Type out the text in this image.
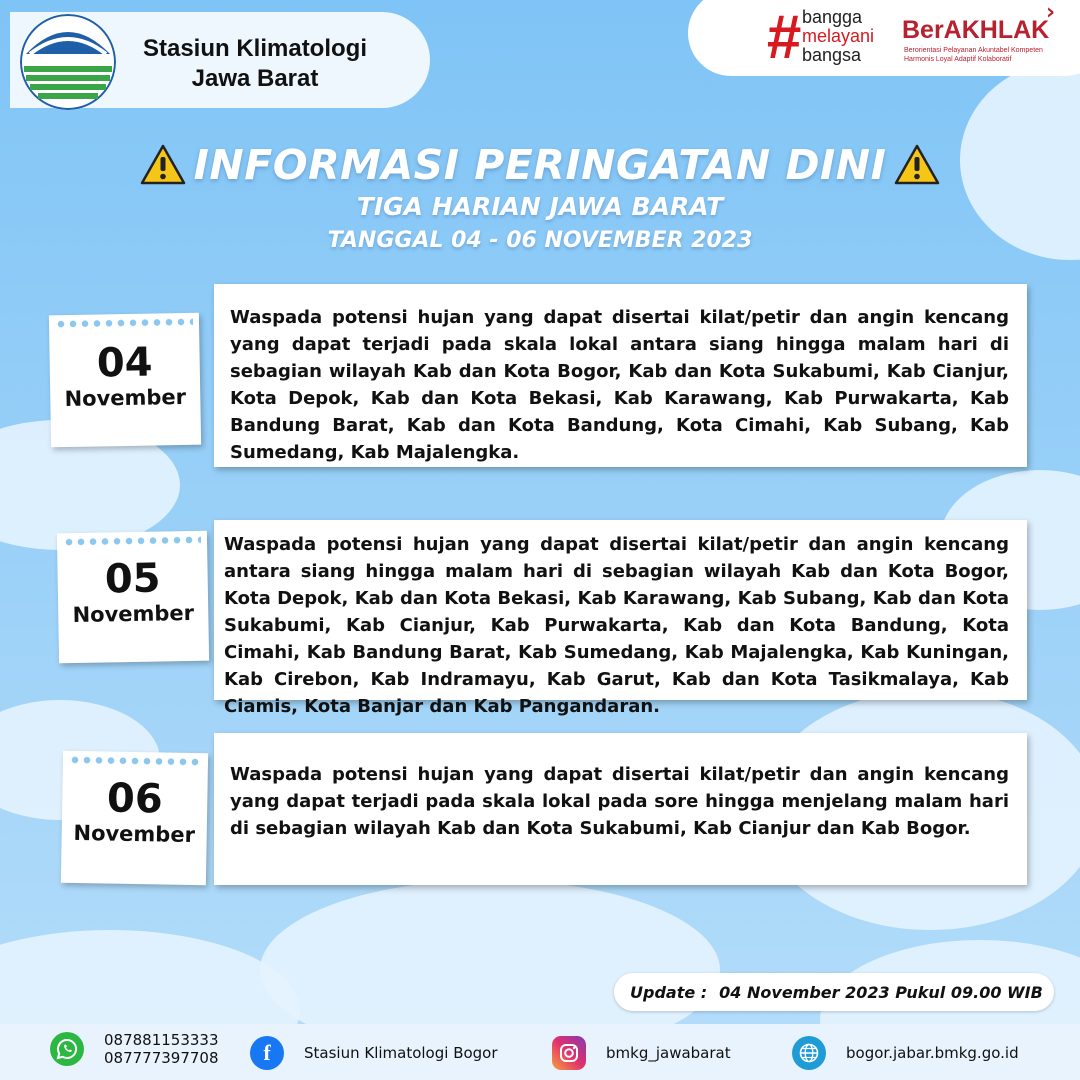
Stasiun Klimatologi
Jawa Barat
# bangga
melayani
bangsa
BerAKHLAK
Berorientasi Pelayanan Akuntabel Kompeten
Harmonis Loyal Adaptif Kolaboratif
›
INFORMASI PERINGATAN DINI
TIGA HARIAN JAWA BARAT
TANGGAL 04 - 06 NOVEMBER 2023
04
November
Waspada potensi hujan yang dapat disertai kilat/petir dan angin kencang yang dapat terjadi pada skala lokal antara siang hingga malam hari di sebagian wilayah Kab dan Kota Bogor, Kab dan Kota Sukabumi, Kab Cianjur, Kota Depok, Kab dan Kota Bekasi, Kab Karawang, Kab Purwakarta, Kab Bandung Barat, Kab dan Kota Bandung, Kota Cimahi, Kab Subang, Kab Sumedang, Kab Majalengka.
05
November
Waspada potensi hujan yang dapat disertai kilat/petir dan angin kencang antara siang hingga malam hari di sebagian wilayah Kab dan Kota Bogor, Kota Depok, Kab dan Kota Bekasi, Kab Karawang, Kab Subang, Kab dan Kota Sukabumi, Kab Cianjur, Kab Purwakarta, Kab dan Kota Bandung, Kota Cimahi, Kab Bandung Barat, Kab Sumedang, Kab Majalengka, Kab Kuningan, Kab Cirebon, Kab Indramayu, Kab Garut, Kab dan Kota Tasikmalaya, Kab Ciamis, Kota Banjar dan Kab Pangandaran.
06
November
Waspada potensi hujan yang dapat disertai kilat/petir dan angin kencang yang dapat terjadi pada skala lokal pada sore hingga menjelang malam hari di sebagian wilayah Kab dan Kota Sukabumi, Kab Cianjur dan Kab Bogor.
Update : 04 November 2023 Pukul 09.00 WIB
087881153333
087777397708	f	Stasiun Klimatologi Bogor	bmkg_jawabarat	bogor.jabar.bmkg.go.id
